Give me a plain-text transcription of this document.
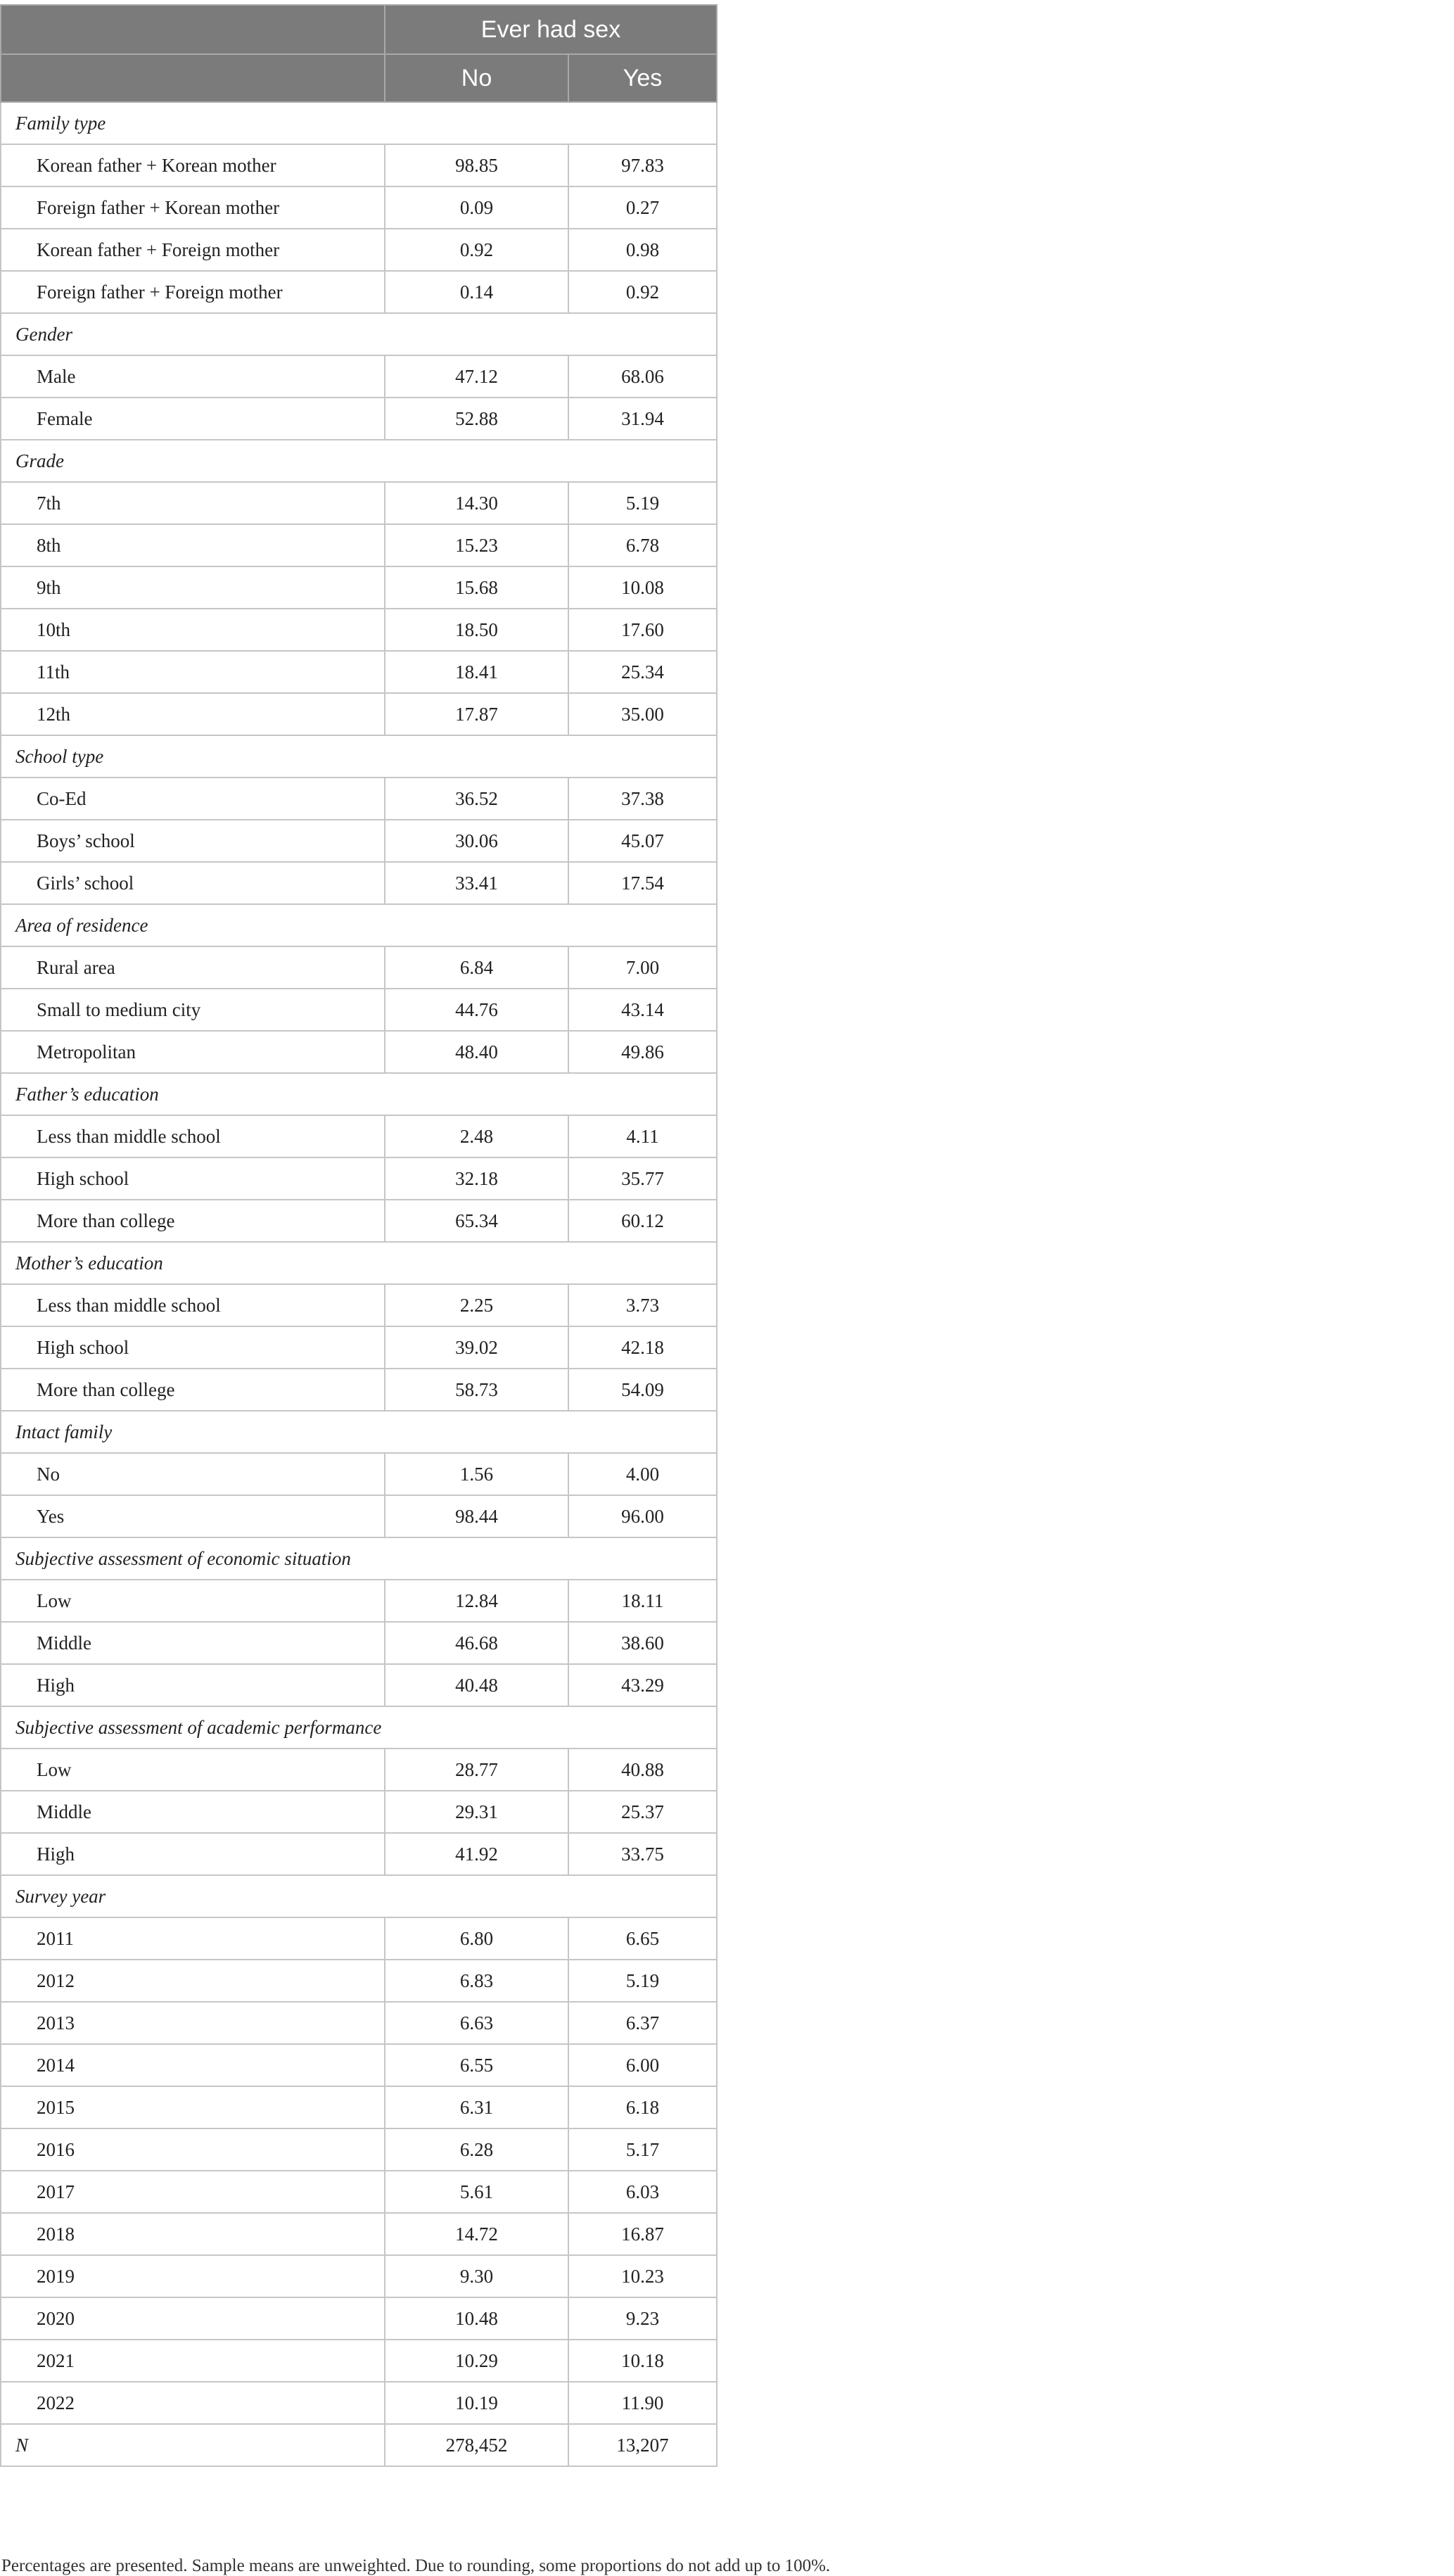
	Ever had sex	
	No	Yes
Family type		
Korean father + Korean mother	98.85	97.83
Foreign father + Korean mother	0.09	0.27
Korean father + Foreign mother	0.92	0.98
Foreign father + Foreign mother	0.14	0.92
Gender		
Male	47.12	68.06
Female	52.88	31.94
Grade		
7th	14.30	5.19
8th	15.23	6.78
9th	15.68	10.08
10th	18.50	17.60
11th	18.41	25.34
12th	17.87	35.00
School type		
Co-Ed	36.52	37.38
Boys’ school	30.06	45.07
Girls’ school	33.41	17.54
Area of residence		
Rural area	6.84	7.00
Small to medium city	44.76	43.14
Metropolitan	48.40	49.86
Father’s education		
Less than middle school	2.48	4.11
High school	32.18	35.77
More than college	65.34	60.12
Mother’s education		
Less than middle school	2.25	3.73
High school	39.02	42.18
More than college	58.73	54.09
Intact family		
No	1.56	4.00
Yes	98.44	96.00
Subjective assessment of economic situation		
Low	12.84	18.11
Middle	46.68	38.60
High	40.48	43.29
Subjective assessment of academic performance		
Low	28.77	40.88
Middle	29.31	25.37
High	41.92	33.75
Survey year		
2011	6.80	6.65
2012	6.83	5.19
2013	6.63	6.37
2014	6.55	6.00
2015	6.31	6.18
2016	6.28	5.17
2017	5.61	6.03
2018	14.72	16.87
2019	9.30	10.23
2020	10.48	9.23
2021	10.29	10.18
2022	10.19	11.90
N	278,452	13,207
Percentages are presented. Sample means are unweighted. Due to rounding, some proportions do not add up to 100%.
